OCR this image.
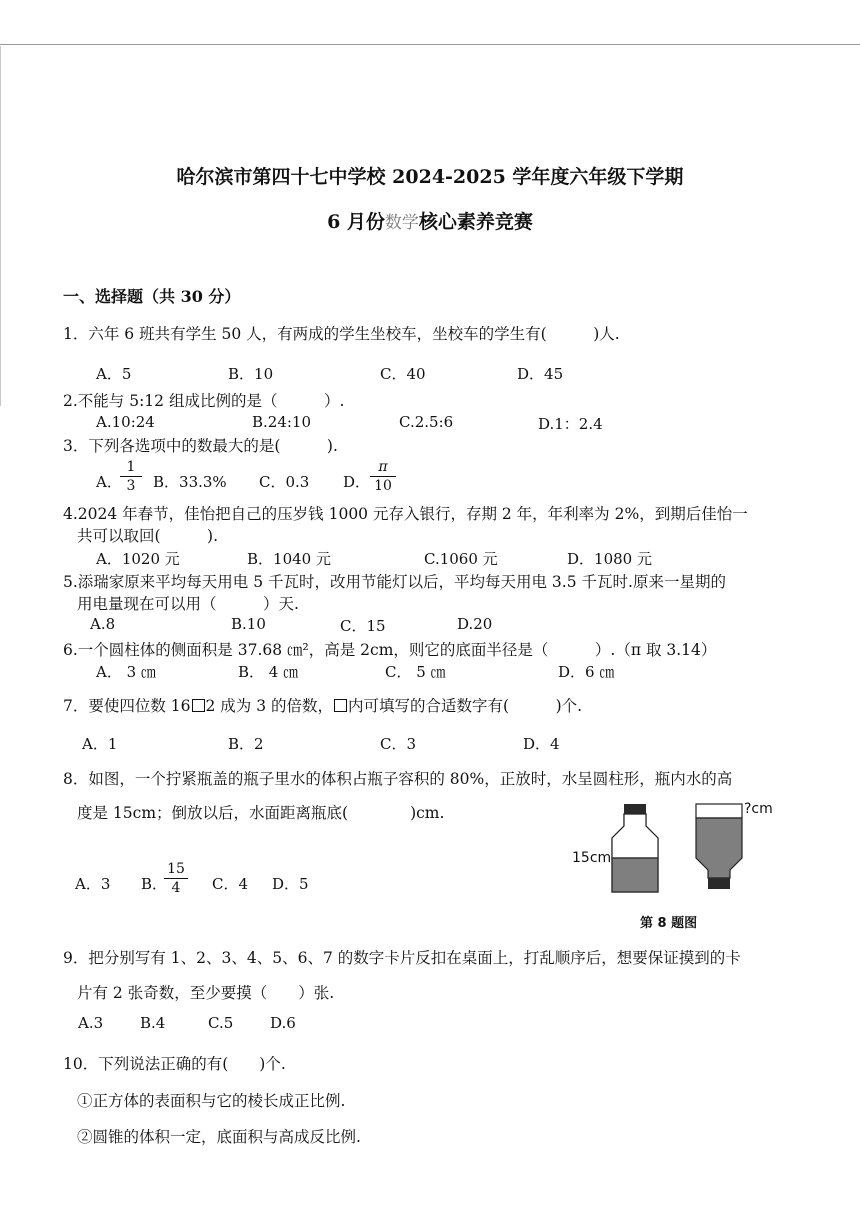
哈尔滨市第四十七中学校 2024-2025 学年度六年级下学期
6 月份数学核心素养竞赛
一、选择题（共 30 分）
1．六年 6 班共有学生 50 人，有两成的学生坐校车，坐校车的学生有(　　　)人.
A．5	B．10	C．40	D．45
2.不能与 5:12 组成比例的是（　　　）.
A.10:24	B.24:10	C.2.5:6	D.1：2.4
3．下列各选项中的数最大的是(　　　).
A．
$\frac{1}{3}$ B．33.3% C．0.3 D． $\frac{\pi}{10}$
4.2024 年春节，佳怡把自己的压岁钱 1000 元存入银行，存期 2 年，年利率为 2%，到期后佳怡一
共可以取回(　　　).
A．1020 元	B．1040 元	C.1060 元	D．1080 元
5.添瑞家原来平均每天用电 5 千瓦时，改用节能灯以后，平均每天用电 3.5 千瓦时.原来一星期的
用电量现在可以用（　　　）天.
A.8	B.10	C．15	D.20
6.一个圆柱体的侧面积是 37.68 ㎝²，高是 2cm，则它的底面半径是（　　　）.（π 取 3.14）
A． 3 ㎝	B． 4 ㎝	C． 5 ㎝	D．6 ㎝
7．要使四位数 16 2 成为 3 的倍数， 内可填写的合适数字有(　　　)个.
A．1	B．2	C．3	D．4
8．如图，一个拧紧瓶盖的瓶子里水的体积占瓶子容积的 80%，正放时，水呈圆柱形，瓶内水的高
度是 15cm；倒放以后，水面距离瓶底(　　　　)cm.
A．3 B．
$\frac{15}{4}$ C．4 D．5
15cm
?cm
第 8 题图
9．把分别写有 1、2、3、4、5、6、7 的数字卡片反扣在桌面上，打乱顺序后，想要保证摸到的卡
片有 2 张奇数，至少要摸（　　）张.
A.3 B.4	C.5 D.6
10．下列说法正确的有(　　)个.
①正方体的表面积与它的棱长成正比例.
②圆锥的体积一定，底面积与高成反比例.
